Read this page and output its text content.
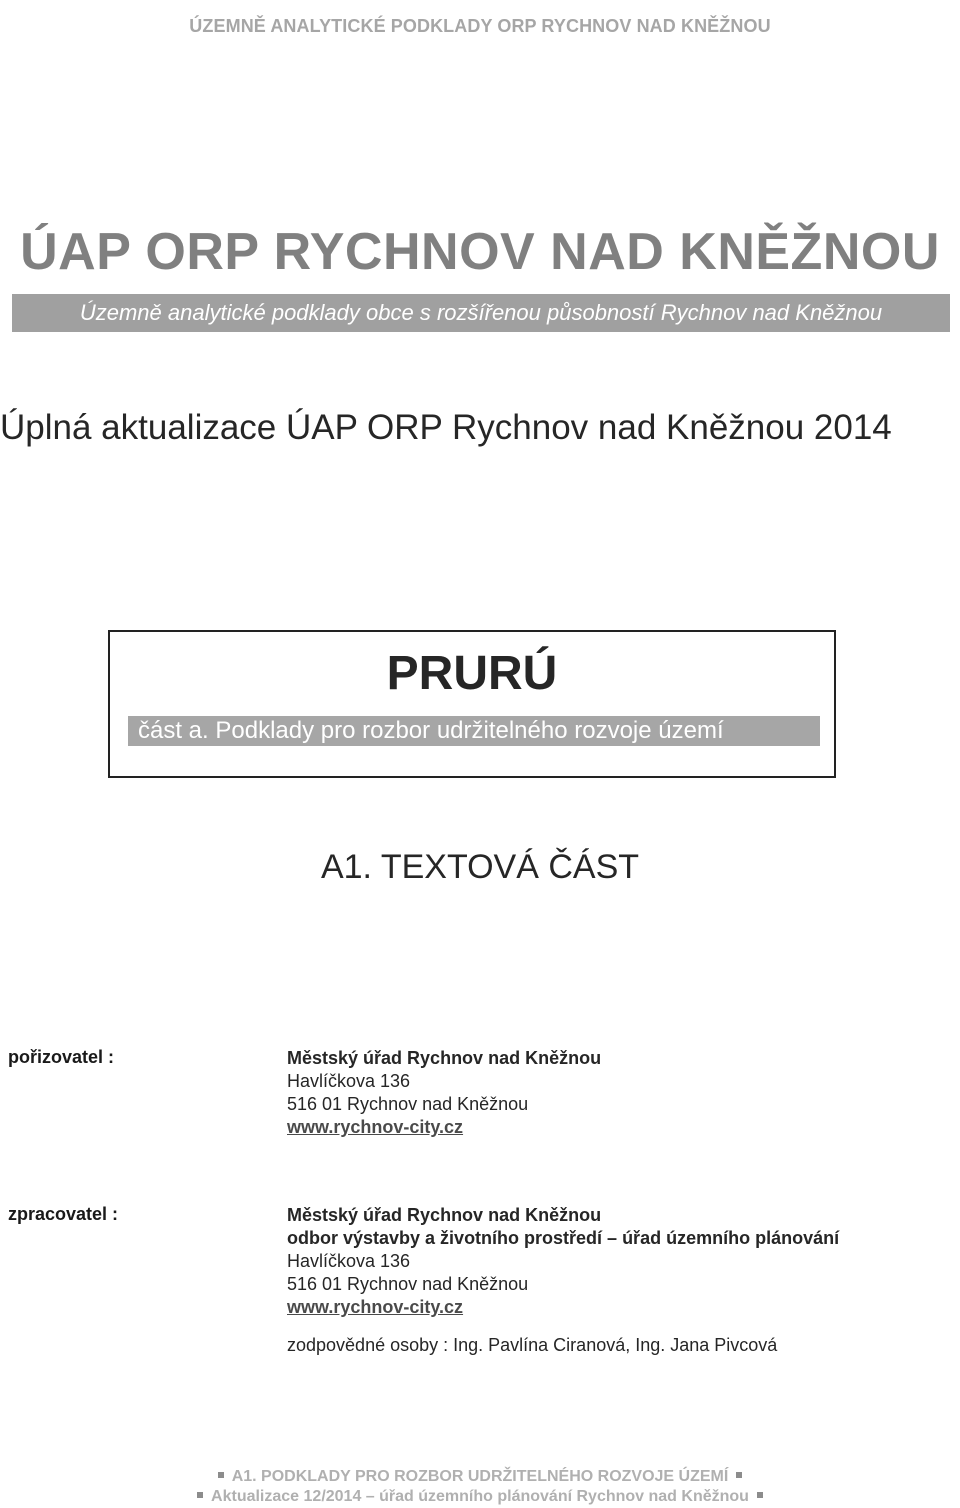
ÚZEMNĚ ANALYTICKÉ PODKLADY ORP RYCHNOV NAD KNĚŽNOU
ÚAP ORP RYCHNOV NAD KNĚŽNOU
Územně analytické podklady obce s rozšířenou působností Rychnov nad Kněžnou
Úplná aktualizace ÚAP ORP Rychnov nad Kněžnou 2014
PRURÚ
část a. Podklady pro rozbor udržitelného rozvoje území
A1. TEXTOVÁ ČÁST
pořizovatel :	Městský úřad Rychnov nad Kněžnou
Havlíčkova 136
516 01 Rychnov nad Kněžnou
www.rychnov-city.cz
zpracovatel :	Městský úřad Rychnov nad Kněžnou
odbor výstavby a životního prostředí – úřad územního plánování
Havlíčkova 136
516 01 Rychnov nad Kněžnou
www.rychnov-city.cz
zodpovědné osoby : Ing. Pavlína Ciranová, Ing. Jana Pivcová
A1. PODKLADY PRO ROZBOR UDRŽITELNÉHO ROZVOJE ÚZEMÍ
Aktualizace 12/2014 – úřad územního plánování Rychnov nad Kněžnou
